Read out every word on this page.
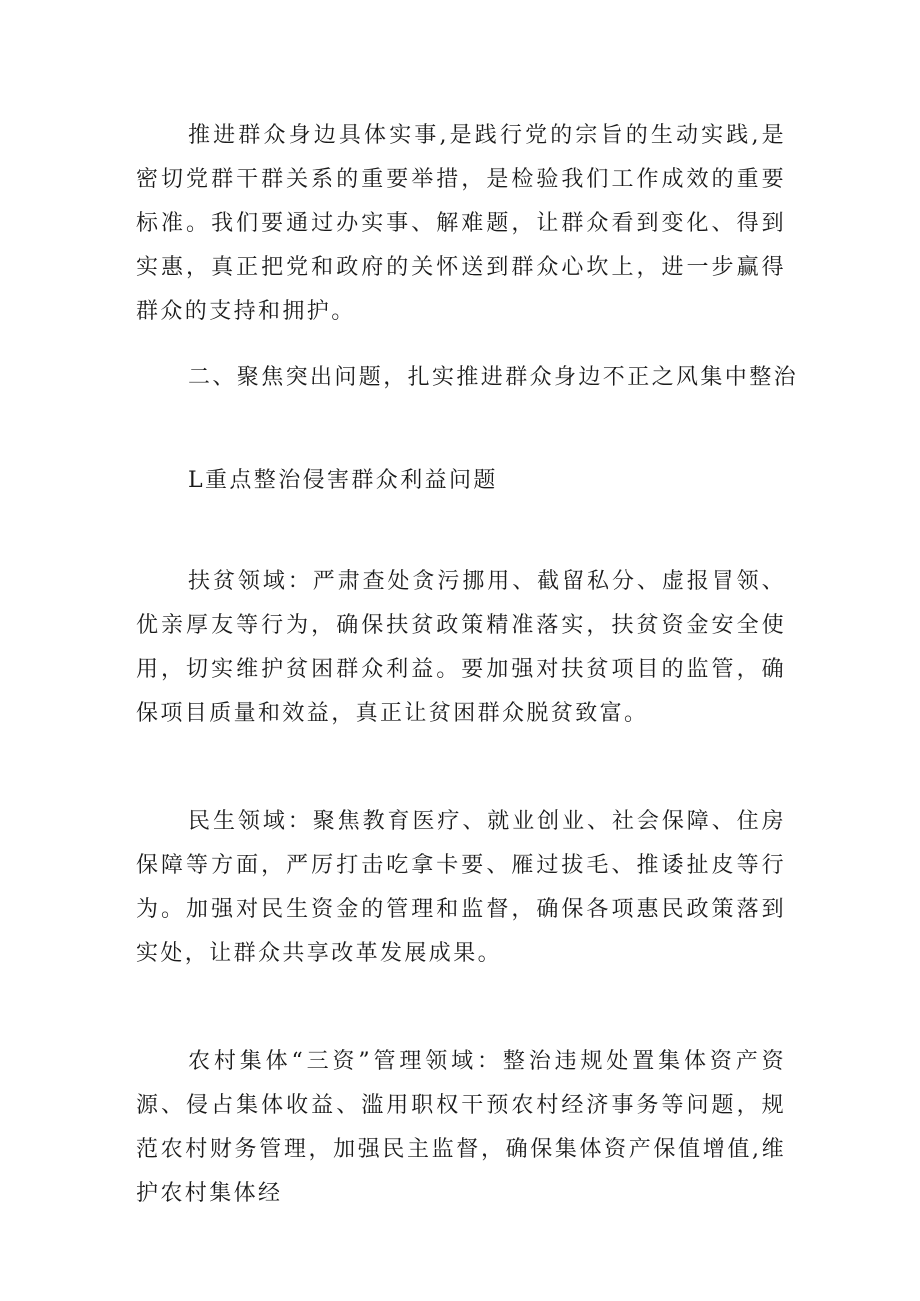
推进群众身边具体实事,是践行党的宗旨的生动实践,是密切党群干群关系的重要举措，是检验我们工作成效的重要标准。我们要通过办实事、解难题，让群众看到变化、得到实惠，真正把党和政府的关怀送到群众心坎上，进一步赢得群众的支持和拥护。

二、聚焦突出问题，扎实推进群众身边不正之风集中整治

L重点整治侵害群众利益问题

扶贫领域：严肃查处贪污挪用、截留私分、虚报冒领、优亲厚友等行为，确保扶贫政策精准落实，扶贫资金安全使用，切实维护贫困群众利益。要加强对扶贫项目的监管，确保项目质量和效益，真正让贫困群众脱贫致富。

民生领域：聚焦教育医疗、就业创业、社会保障、住房保障等方面，严厉打击吃拿卡要、雁过拔毛、推诿扯皮等行为。加强对民生资金的管理和监督，确保各项惠民政策落到实处，让群众共享改革发展成果。

农村集体“三资”管理领域：整治违规处置集体资产资源、侵占集体收益、滥用职权干预农村经济事务等问题，规范农村财务管理，加强民主监督，确保集体资产保值增值,维护农村集体经
